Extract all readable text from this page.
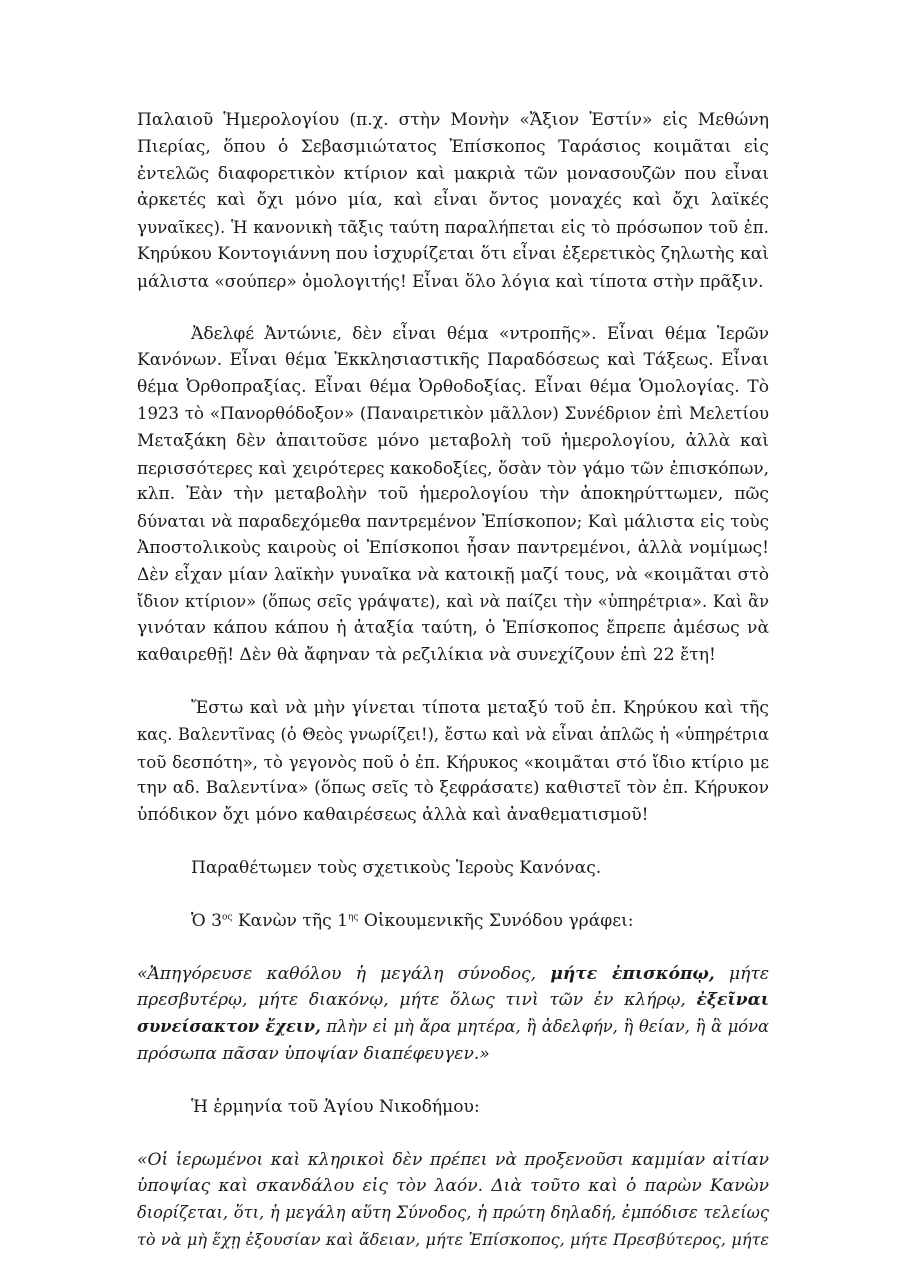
Παλαιοῦ Ἡμερολογίου (π.χ. στὴν Μονὴν «Ἄξιον Ἐστίν» εἰς Μεθώνη
Πιερίας, ὅπου ὁ Σεβασμιώτατος Ἐπίσκοπος Ταράσιος κοιμᾶται εἰς
ἐντελῶς διαφορετικὸν κτίριον καὶ μακριὰ τῶν μονασουζῶν που εἶναι
ἀρκετές καὶ ὄχι μόνο μία, καὶ εἶναι ὄντος μοναχές καὶ ὄχι λαϊκές
γυναῖκες). Ἡ κανονικὴ τᾶξις ταύτη παραλήπεται εἰς τὸ πρόσωπον τοῦ ἐπ.
Κηρύκου Κοντογιάννη που ἰσχυρίζεται ὅτι εἶναι ἐξερετικὸς ζηλωτὴς καὶ
μάλιστα «σούπερ» ὁμολογιτής! Εἶναι ὅλο λόγια καὶ τίποτα στὴν πρᾶξιν.
Ἀδελφέ Ἀντώνιε, δὲν εἶναι θέμα «ντροπῆς». Εἶναι θέμα Ἱερῶν
Κανόνων. Εἶναι θέμα Ἐκκλησιαστικῆς Παραδόσεως καὶ Τάξεως. Εἶναι
θέμα Ὀρθοπραξίας. Εἶναι θέμα Ὀρθοδοξίας. Εἶναι θέμα Ὁμολογίας. Τὸ
1923 τὸ «Πανορθόδοξον» (Παναιρετικὸν μᾶλλον) Συνέδριον ἐπὶ Μελετίου
Μεταξάκη δὲν ἀπαιτοῦσε μόνο μεταβολὴ τοῦ ἡμερολογίου, ἀλλὰ καὶ
περισσότερες καὶ χειρότερες κακοδοξίες, ὅσὰν τὸν γάμο τῶν ἐπισκόπων,
κλπ. Ἐὰν τὴν μεταβολὴν τοῦ ἡμερολογίου τὴν ἀποκηρύττωμεν, πῶς
δύναται νὰ παραδεχόμεθα παντρεμένον Ἐπίσκοπον; Καὶ μάλιστα εἰς τοὺς
Ἀποστολικοὺς καιροὺς οἱ Ἐπίσκοποι ἦσαν παντρεμένοι, ἀλλὰ νομίμως!
Δὲν εἶχαν μίαν λαϊκὴν γυναῖκα νὰ κατοικῇ μαζί τους, νὰ «κοιμᾶται στὸ
ἴδιον κτίριον» (ὅπως σεῖς γράψατε), καὶ νὰ παίζει τὴν «ὑπηρέτρια». Καὶ ἂν
γινόταν κάπου κάπου ἡ ἀταξία ταύτη, ὁ Ἐπίσκοπος ἔπρεπε ἀμέσως νὰ
καθαιρεθῇ! Δὲν θὰ ἄφηναν τὰ ρεζιλίκια νὰ συνεχίζουν ἐπὶ 22 ἔτη!
Ἔστω καὶ νὰ μὴν γίνεται τίποτα μεταξύ τοῦ ἐπ. Κηρύκου καὶ τῆς
κας. Βαλεντῖνας (ὁ Θεὸς γνωρίζει!), ἔστω καὶ νὰ εἶναι ἁπλῶς ἡ «ὑπηρέτρια
τοῦ δεσπότη», τὸ γεγονὸς ποῦ ὁ ἐπ. Κήρυκος «κοιμᾶται στό ἴδιο κτίριο με
την αδ. Βαλεντίνα» (ὅπως σεῖς τὸ ξεφράσατε) καθιστεῖ τὸν ἐπ. Κήρυκον
ὑπόδικον ὄχι μόνο καθαιρέσεως ἀλλὰ καὶ ἀναθεματισμοῦ!
Παραθέτωμεν τοὺς σχετικοὺς Ἱεροὺς Κανόνας.
Ὁ $3^{o\varsigma}$ Κανὼν τῆς $1^{\eta\varsigma}$ Οἰκουμενικῆς Συνόδου γράφει:
«Ἀπηγόρευσε καθόλου ἡ μεγάλη σύνοδος, μήτε ἐπισκόπῳ, μήτε
πρεσβυτέρῳ, μήτε διακόνῳ, μήτε ὅλως τινὶ τῶν ἐν κλήρῳ, ἐξεῖναι
συνείσακτον ἔχειν, πλὴν εἰ μὴ ἄρα μητέρα, ἢ ἀδελφήν, ἢ θείαν, ἢ ἃ μόνα
πρόσωπα πᾶσαν ὑποψίαν διαπέφευγεν.»
Ἡ ἑρμηνία τοῦ Ἁγίου Νικοδήμου:
«Οἱ ἱερωμένοι καὶ κληρικοὶ δὲν πρέπει νὰ προξενοῦσι καμμίαν αἰτίαν
ὑποψίας καὶ σκανδάλου εἰς τὸν λαόν. Διὰ τοῦτο καὶ ὁ παρὼν Κανὼν
διορίζεται, ὅτι, ἡ μεγάλη αὕτη Σύνοδος, ἡ πρώτη δηλαδή, ἐμπόδισε τελείως
τὸ νὰ μὴ ἔχῃ ἐξουσίαν καὶ ἄδειαν, μήτε Ἐπίσκοπος, μήτε Πρεσβύτερος, μήτε
